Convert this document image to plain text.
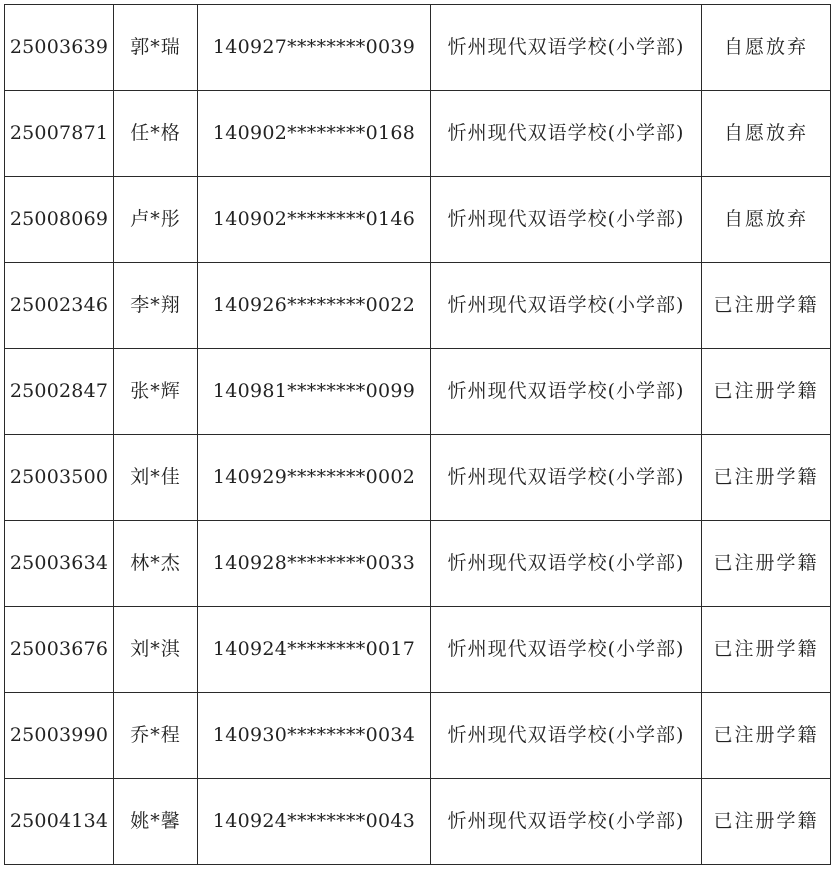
25003639	郭*瑞	140927********0039	忻州现代双语学校(小学部)	自愿放弃
25007871	任*格	140902********0168	忻州现代双语学校(小学部)	自愿放弃
25008069	卢*彤	140902********0146	忻州现代双语学校(小学部)	自愿放弃
25002346	李*翔	140926********0022	忻州现代双语学校(小学部)	已注册学籍
25002847	张*辉	140981********0099	忻州现代双语学校(小学部)	已注册学籍
25003500	刘*佳	140929********0002	忻州现代双语学校(小学部)	已注册学籍
25003634	林*杰	140928********0033	忻州现代双语学校(小学部)	已注册学籍
25003676	刘*淇	140924********0017	忻州现代双语学校(小学部)	已注册学籍
25003990	乔*程	140930********0034	忻州现代双语学校(小学部)	已注册学籍
25004134	姚*馨	140924********0043	忻州现代双语学校(小学部)	已注册学籍
